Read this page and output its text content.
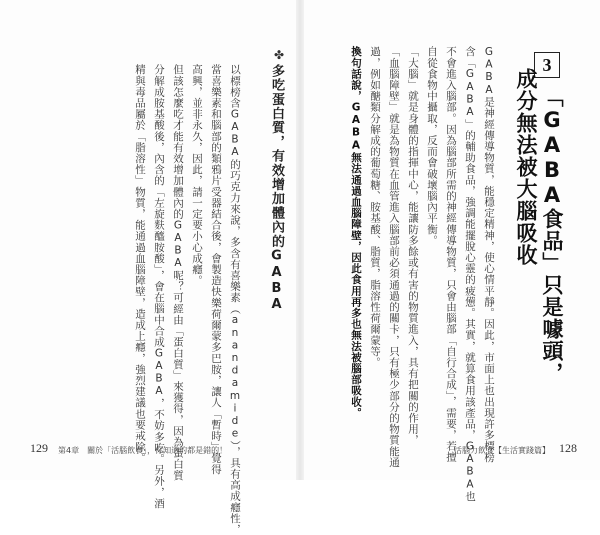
✤
多吃蛋白質，有效增加體內的GABA
以標榜含GABA的巧克力來說，多含有喜樂素（anandamide），具有高成癮性，
當喜樂素和腦部的類鴉片受器結合後，會製造快樂荷爾蒙多巴胺，讓人「暫時」覺得
高興，並非永久，因此，請一定要小心成癮。
但該怎麼吃才能有效增加體內的GABA呢？可經由「蛋白質」來獲得，因為蛋白質
分解成胺基酸後，內含的「左旋麩醯胺酸」，會在腦中合成GABA，不妨多吃。另外，酒
精與毒品屬於「脂溶性」物質，能通過血腦障壁，造成上癮，強烈建議也要戒除。
129 第4章　關於「活腦飲食」，你知道的都是錯的！
3
「GABA食品」只是噱頭，
成分無法被大腦吸收
GABA是神經傳導物質，能穩定精神，使心情平靜。因此，市面上也出現許多標榜
含「GABA」的輔助食品，強調能擺脫心靈的疲憊。其實，就算食用該產品，GABA也
不會進入腦部。因為腦部所需的神經傳導物質，只會由腦部「自行合成」，需要，若擅
自從食物中攝取，反而會破壞腦內平衡。
「大腦」就是身體的指揮中心，能讓防多餘或有害的物質進入，具有把關的作用，
「血腦障壁」就是為物質在血管進入腦部前必須通過的關卡，只有極少部分的物質能通
過，例如醣類分解成的葡萄糖、胺基酸、脂質，脂溶性荷爾蒙等。
換句話說，GABA無法通過血腦障壁，因此食用再多也無法被腦部吸收。
活腦力飲食【生活實踐篇】 128
